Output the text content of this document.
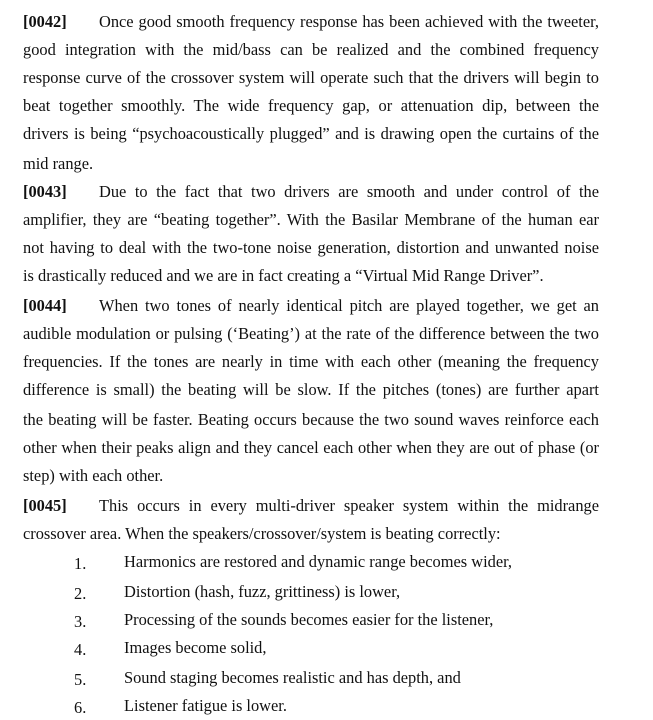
[0042] Once good smooth frequency response has been achieved with the tweeter,
good integration with the mid/bass can be realized and the combined frequency
response curve of the crossover system will operate such that the drivers will begin to
beat together smoothly. The wide frequency gap, or attenuation dip, between the
drivers is being “psychoacoustically plugged” and is drawing open the curtains of the
mid range.
[0043] Due to the fact that two drivers are smooth and under control of the
amplifier, they are “beating together”. With the Basilar Membrane of the human ear
not having to deal with the two-tone noise generation, distortion and unwanted noise
is drastically reduced and we are in fact creating a “Virtual Mid Range Driver”.
[0044] When two tones of nearly identical pitch are played together, we get an
audible modulation or pulsing (‘Beating’) at the rate of the difference between the two
frequencies. If the tones are nearly in time with each other (meaning the frequency
difference is small) the beating will be slow. If the pitches (tones) are further apart
the beating will be faster. Beating occurs because the two sound waves reinforce each
other when their peaks align and they cancel each other when they are out of phase (or
step) with each other.
[0045] This occurs in every multi-driver speaker system within the midrange
crossover area. When the speakers/crossover/system is beating correctly:
1. Harmonics are restored and dynamic range becomes wider,
2. Distortion (hash, fuzz, grittiness) is lower,
3. Processing of the sounds becomes easier for the listener,
4. Images become solid,
5. Sound staging becomes realistic and has depth, and
6. Listener fatigue is lower.
